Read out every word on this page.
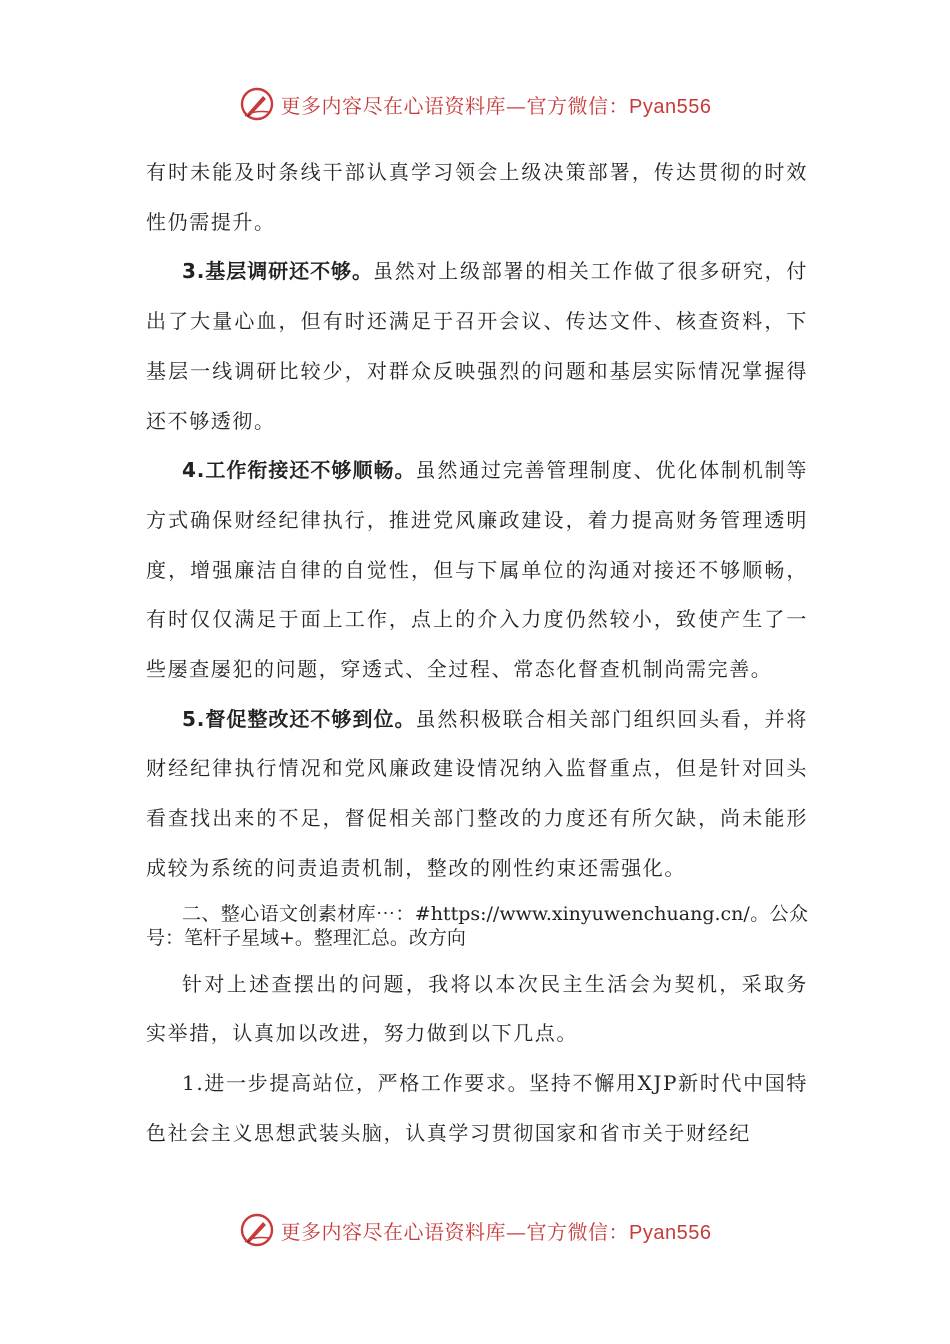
更多内容尽在心语资料库—官方微信：Pyan556

有时未能及时条线干部认真学习领会上级决策部署，传达贯彻的时效性仍需提升。

3.基层调研还不够。虽然对上级部署的相关工作做了很多研究，付出了大量心血，但有时还满足于召开会议、传达文件、核查资料，下基层一线调研比较少，对群众反映强烈的问题和基层实际情况掌握得还不够透彻。

4.工作衔接还不够顺畅。虽然通过完善管理制度、优化体制机制等方式确保财经纪律执行，推进党风廉政建设，着力提高财务管理透明度，增强廉洁自律的自觉性，但与下属单位的沟通对接还不够顺畅， 有时仅仅满足于面上工作，点上的介入力度仍然较小，致使产生了一些屡查屡犯的问题，穿透式、全过程、常态化督查机制尚需完善。

5.督促整改还不够到位。虽然积极联合相关部门组织回头看，并将财经纪律执行情况和党风廉政建设情况纳入监督重点，但是针对回头看查找出来的不足，督促相关部门整改的力度还有所欠缺，尚未能形成较为系统的问责追责机制，整改的刚性约束还需强化。

二、整心语文创素材库⋯：#https://www.xinyuwenchuang.cn/。公众号：笔杆子星域+。整理汇总。改方向

针对上述查摆出的问题，我将以本次民主生活会为契机，采取务实举措，认真加以改进，努力做到以下几点。

1.进一步提高站位，严格工作要求。坚持不懈用XJP新时代中国特色社会主义思想武装头脑，认真学习贯彻国家和省市关于财经纪

更多内容尽在心语资料库—官方微信：Pyan556
